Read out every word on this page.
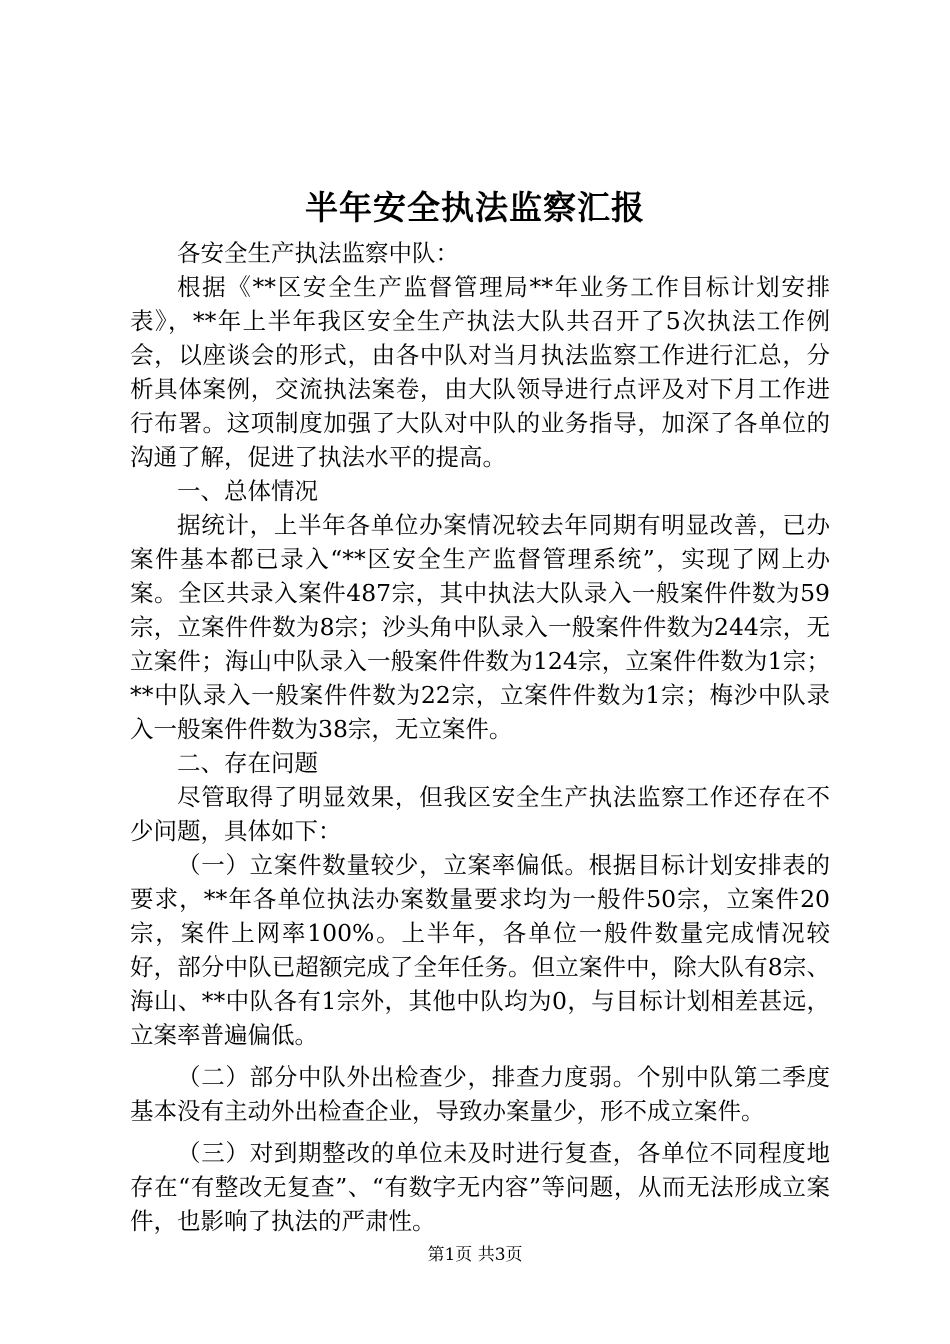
半年安全执法监察汇报

各安全生产执法监察中队：

根据《**区安全生产监督管理局**年业务工作目标计划安排表》，**年上半年我区安全生产执法大队共召开了5次执法工作例会，以座谈会的形式，由各中队对当月执法监察工作进行汇总，分析具体案例，交流执法案卷，由大队领导进行点评及对下月工作进行布署。这项制度加强了大队对中队的业务指导，加深了各单位的沟通了解，促进了执法水平的提高。

一、总体情况

据统计，上半年各单位办案情况较去年同期有明显改善，已办案件基本都已录入“**区安全生产监督管理系统”，实现了网上办案。全区共录入案件487宗，其中执法大队录入一般案件件数为59宗，立案件件数为8宗；沙头角中队录入一般案件件数为244宗，无立案件；海山中队录入一般案件件数为124宗，立案件件数为1宗；**中队录入一般案件件数为22宗，立案件件数为1宗；梅沙中队录入一般案件件数为38宗，无立案件。

二、存在问题

尽管取得了明显效果，但我区安全生产执法监察工作还存在不少问题，具体如下：

（一）立案件数量较少，立案率偏低。根据目标计划安排表的要求，**年各单位执法办案数量要求均为一般件50宗，立案件20宗，案件上网率100%。上半年，各单位一般件数量完成情况较好，部分中队已超额完成了全年任务。但立案件中，除大队有8宗、海山、**中队各有1宗外，其他中队均为0，与目标计划相差甚远，立案率普遍偏低。

（二）部分中队外出检查少，排查力度弱。个别中队第二季度基本没有主动外出检查企业，导致办案量少，形不成立案件。

（三）对到期整改的单位未及时进行复查，各单位不同程度地存在“有整改无复查”、“有数字无内容”等问题，从而无法形成立案件，也影响了执法的严肃性。

第1页 共3页
